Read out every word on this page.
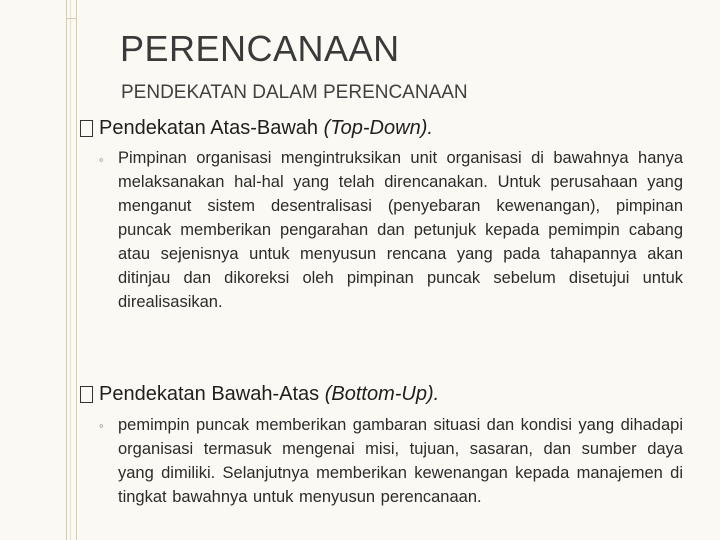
PERENCANAAN
PENDEKATAN DALAM PERENCANAAN
Pendekatan Atas-Bawah
(Top-Down).
◦ Pimpinan organisasi mengintruksikan unit organisasi di bawahnya hanya melaksanakan hal-hal yang telah direncanakan. Untuk perusahaan yang menganut sistem desentralisasi (penyebaran kewenangan), pimpinan puncak memberikan pengarahan dan petunjuk kepada pemimpin cabang atau sejenisnya untuk menyusun rencana yang pada tahapannya akan ditinjau dan dikoreksi oleh pimpinan puncak sebelum disetujui untuk direalisasikan.
Pendekatan Bawah-Atas
(Bottom-Up).
◦ pemimpin puncak memberikan gambaran situasi dan kondisi yang dihadapi organisasi termasuk mengenai misi, tujuan, sasaran, dan sumber daya yang dimiliki. Selanjutnya memberikan kewenangan kepada manajemen di tingkat bawahnya untuk menyusun perencanaan.
